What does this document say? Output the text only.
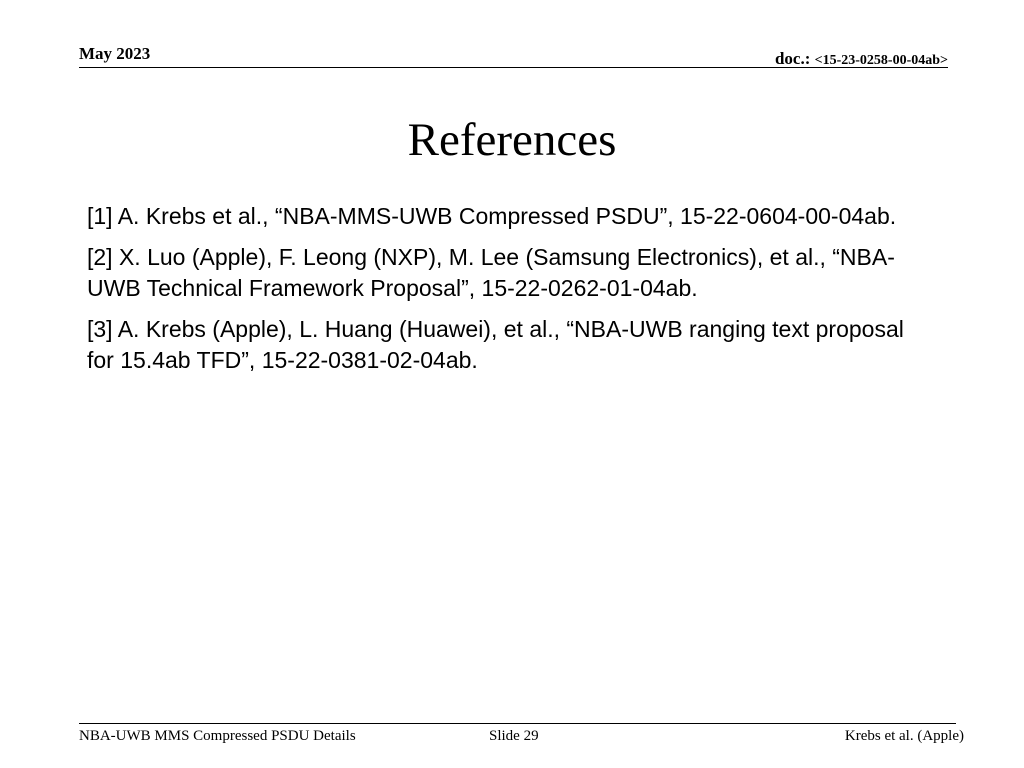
May 2023	doc.: <15-23-0258-00-04ab>
References

[1] A. Krebs et al., “NBA-MMS-UWB Compressed PSDU”, 15-22-0604-00-04ab.

[2] X. Luo (Apple), F. Leong (NXP), M. Lee (Samsung Electronics), et al., “NBA-UWB Technical Framework Proposal”, 15-22-0262-01-04ab.

[3] A. Krebs (Apple), L. Huang (Huawei), et al., “NBA-UWB ranging text proposal for 15.4ab TFD”, 15-22-0381-02-04ab.

NBA-UWB MMS Compressed PSDU Details	Slide 29	Krebs et al. (Apple)
